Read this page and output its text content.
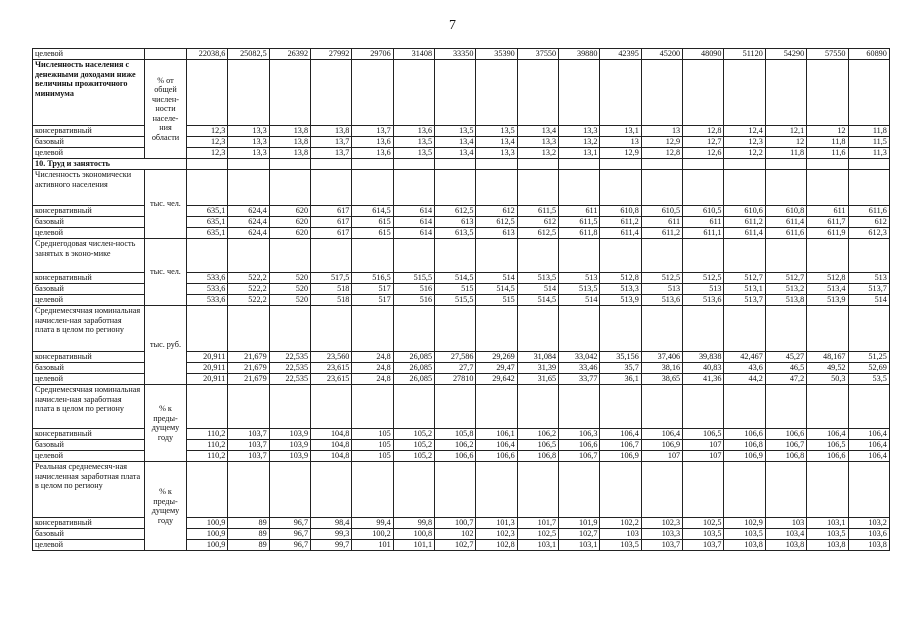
7
целевой		22038,6	25082,5	26392	27992	29706	31408	33350	35390	37550	39880	42395	45200	48090	51120	54290	57550	60890
Численность населения с денежными доходами ниже величины прожиточного минимума	% от общей числен-ности населе-ния области																	
консервативный		12,3	13,3	13,8	13,8	13,7	13,6	13,5	13,5	13,4	13,3	13,1	13	12,8	12,4	12,1	12	11,8
базовый		12,3	13,3	13,8	13,7	13,6	13,5	13,4	13,4	13,3	13,2	13	12,9	12,7	12,3	12	11,8	11,5
целевой		12,3	13,3	13,8	13,7	13,6	13,5	13,4	13,3	13,2	13,1	12,9	12,8	12,6	12,2	11,8	11,6	11,3
10. Труд и занятость																		
Численность экономически активного населения	тыс. чел.																	
консервативный		635,1	624,4	620	617	614,5	614	612,5	612	611,5	611	610,8	610,5	610,5	610,6	610,8	611	611,6
базовый		635,1	624,4	620	617	615	614	613	612,5	612	611,5	611,2	611	611	611,2	611,4	611,7	612
целевой		635,1	624,4	620	617	615	614	613,5	613	612,5	611,8	611,4	611,2	611,1	611,4	611,6	611,9	612,3
Среднегодовая числен-ность занятых в эконо-мике	тыс. чел.																	
консервативный		533,6	522,2	520	517,5	516,5	515,5	514,5	514	513,5	513	512,8	512,5	512,5	512,7	512,7	512,8	513
базовый		533,6	522,2	520	518	517	516	515	514,5	514	513,5	513,3	513	513	513,1	513,2	513,4	513,7
целевой		533,6	522,2	520	518	517	516	515,5	515	514,5	514	513,9	513,6	513,6	513,7	513,8	513,9	514
Среднемесячная номинальная начислен-ная заработная плата в целом по региону	тыс. руб.																	
консервативный		20,911	21,679	22,535	23,560	24,8	26,085	27,586	29,269	31,084	33,042	35,156	37,406	39,838	42,467	45,27	48,167	51,25
базовый		20,911	21,679	22,535	23,615	24,8	26,085	27,7	29,47	31,39	33,46	35,7	38,16	40,83	43,6	46,5	49,52	52,69
целевой		20,911	21,679	22,535	23,615	24,8	26,085	27810	29,642	31,65	33,77	36,1	38,65	41,36	44,2	47,2	50,3	53,5
Среднемесячная номинальная начислен-ная заработная плата в целом по региону	% к преды-дущему году																	
консервативный		110,2	103,7	103,9	104,8	105	105,2	105,8	106,1	106,2	106,3	106,4	106,4	106,5	106,6	106,6	106,4	106,4
базовый		110,2	103,7	103,9	104,8	105	105,2	106,2	106,4	106,5	106,6	106,7	106,9	107	106,8	106,7	106,5	106,4
целевой		110,2	103,7	103,9	104,8	105	105,2	106,6	106,6	106,8	106,7	106,9	107	107	106,9	106,8	106,6	106,4
Реальная среднемесяч-ная начисленная заработная плата в целом по региону	% к преды-дущему году																	
консервативный		100,9	89	96,7	98,4	99,4	99,8	100,7	101,3	101,7	101,9	102,2	102,3	102,5	102,9	103	103,1	103,2
базовый		100,9	89	96,7	99,3	100,2	100,8	102	102,3	102,5	102,7	103	103,3	103,5	103,5	103,4	103,5	103,6
целевой		100,9	89	96,7	99,7	101	101,1	102,7	102,8	103,1	103,1	103,5	103,7	103,7	103,8	103,8	103,8	103,8
